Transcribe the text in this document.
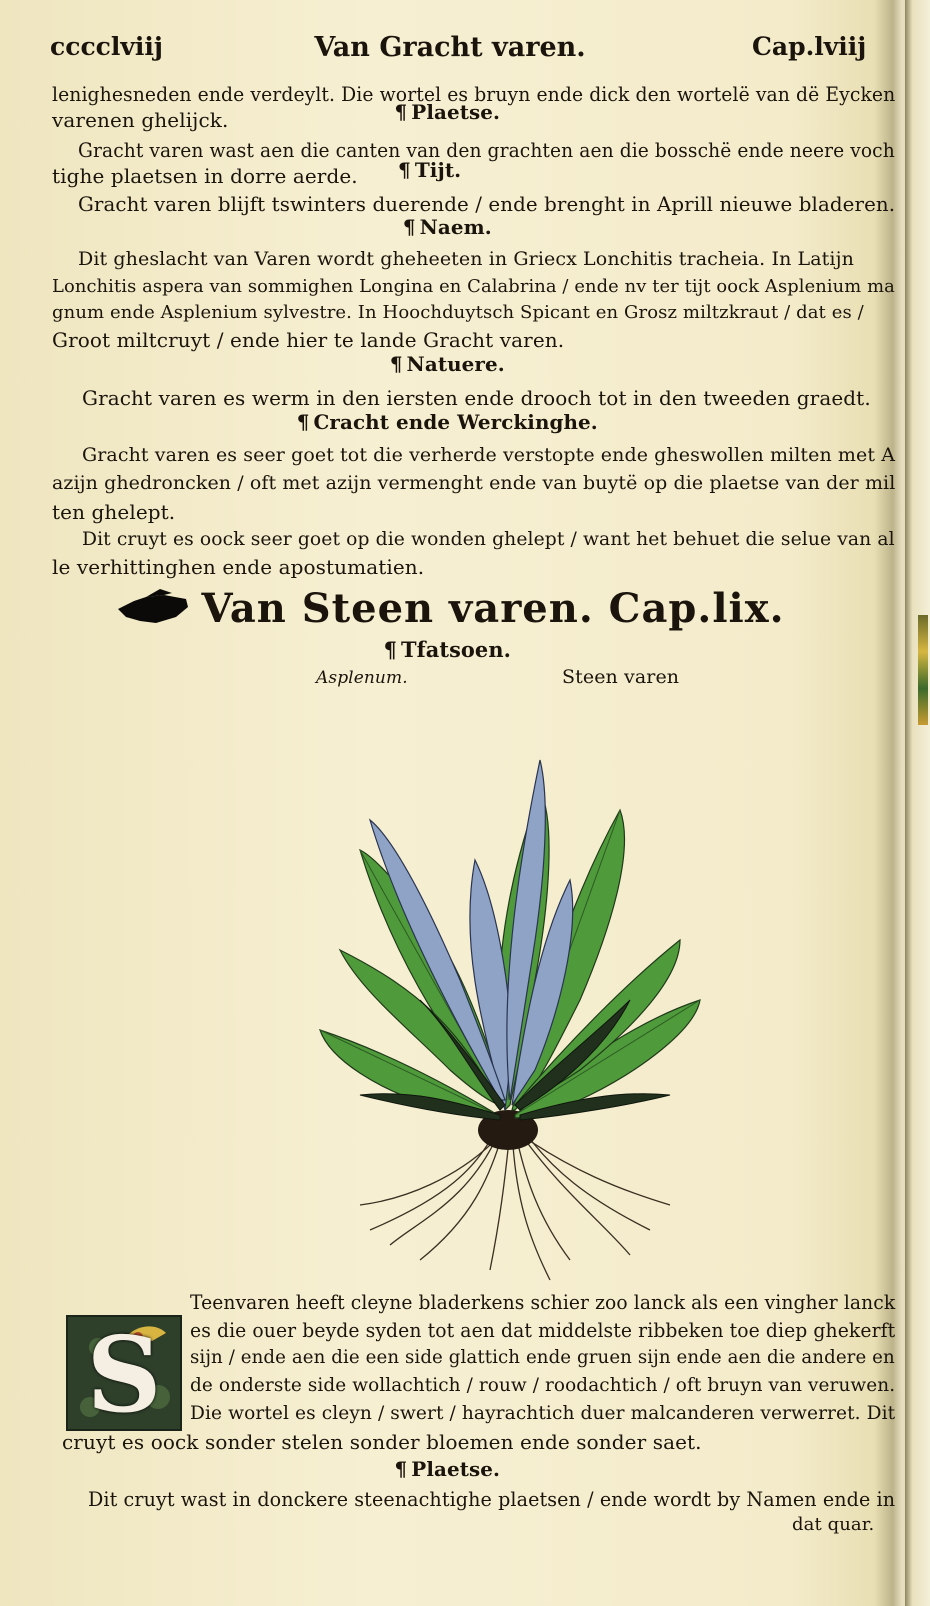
cccclviij	Van Gracht varen.	Cap.lviij
lenighesneden ende verdeylt. Die wortel es bruyn ende dick den wortelë van dë Eycken
varenen ghelijck.	¶ Plaetse.
Gracht varen wast aen die canten van den grachten aen die bosschë ende neere voch
tighe plaetsen in dorre aerde. ¶ Tijt.
Gracht varen blijft tswinters duerende / ende brenght in Aprill nieuwe bladeren.
¶ Naem.
Dit gheslacht van Varen wordt gheheeten in Griecx Lonchitis tracheia. In Latijn
Lonchitis aspera van sommighen Longina en Calabrina / ende nv ter tijt oock Asplenium ma
gnum ende Asplenium sylvestre. In Hoochduytsch Spicant en Grosz miltzkraut / dat es /
Groot miltcruyt / ende hier te lande Gracht varen.
¶ Natuere.
Gracht varen es werm in den iersten ende drooch tot in den tweeden graedt.
¶ Cracht ende Werckinghe.
Gracht varen es seer goet tot die verherde verstopte ende gheswollen milten met A
azijn ghedroncken / oft met azijn vermenght ende van buytë op die plaetse van der mil
ten ghelept.
Dit cruyt es oock seer goet op die wonden ghelept / want het behuet die selue van al
le verhittinghen ende apostumatien.
Van Steen varen. Cap.lix.
¶ Tfatsoen.
Asplenum.	Steen varen
S
Teenvaren heeft cleyne bladerkens schier zoo lanck als een vingher lanck
es die ouer beyde syden tot aen dat middelste ribbeken toe diep ghekerft
sijn / ende aen die een side glattich ende gruen sijn ende aen die andere en
de onderste side wollachtich / rouw / roodachtich / oft bruyn van veruwen.
Die wortel es cleyn / swert / hayrachtich duer malcanderen verwerret. Dit
cruyt es oock sonder stelen sonder bloemen ende sonder saet.
¶ Plaetse.
Dit cruyt wast in donckere steenachtighe plaetsen / ende wordt by Namen ende in
dat quar.
